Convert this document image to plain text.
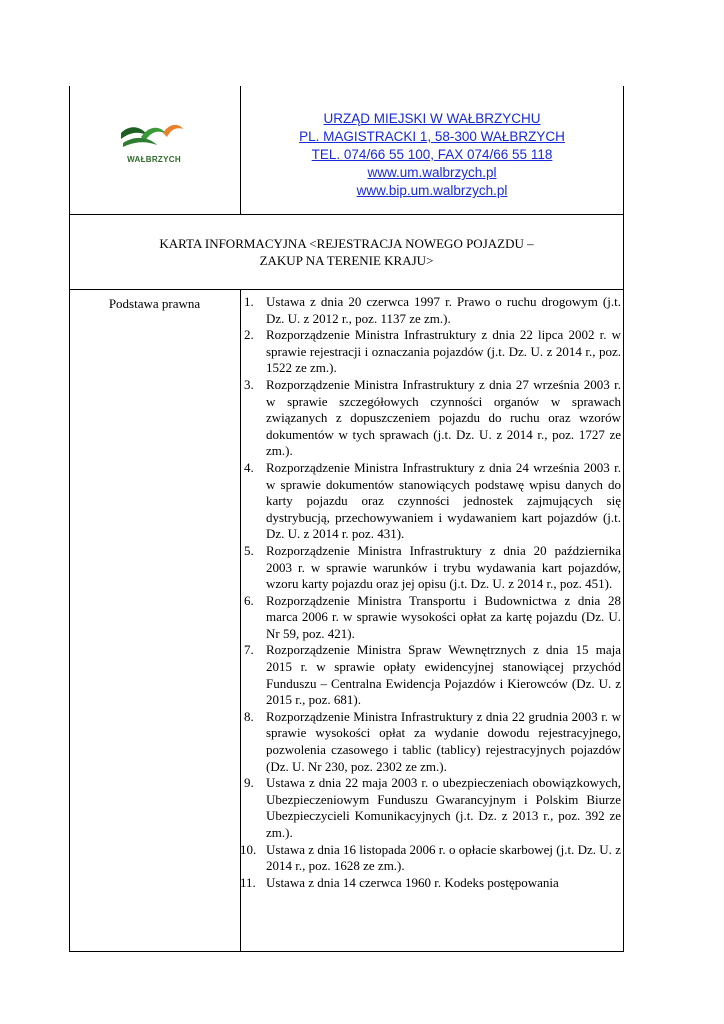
WAŁBRZYCH
URZĄD MIEJSKI W WAŁBRZYCHU
PL. MAGISTRACKI 1, 58-300 WAŁBRZYCH
TEL. 074/66 55 100, FAX 074/66 55 118
www.um.walbrzych.pl
www.bip.um.walbrzych.pl
KARTA INFORMACYJNA <REJESTRACJA NOWEGO POJAZDU –
ZAKUP NA TERENIE KRAJU>
Podstawa prawna	1. Ustawa z dnia 20 czerwca 1997 r. Prawo o ruchu drogowym (j.t. Dz. U. z 2012 r., poz. 1137 ze zm.).
2. Rozporządzenie Ministra Infrastruktury z dnia 22 lipca 2002 r. w sprawie rejestracji i oznaczania pojazdów (j.t. Dz. U. z 2014 r., poz. 1522 ze zm.).
3. Rozporządzenie Ministra Infrastruktury z dnia 27 września 2003 r. w sprawie szczegółowych czynności organów w sprawach związanych z dopuszczeniem pojazdu do ruchu oraz wzorów dokumentów w tych sprawach (j.t. Dz. U. z 2014 r., poz. 1727 ze zm.).
4. Rozporządzenie Ministra Infrastruktury z dnia 24 września 2003 r. w sprawie dokumentów stanowiących podstawę wpisu danych do karty pojazdu oraz czynności jednostek zajmujących się dystrybucją, przechowywaniem i wydawaniem kart pojazdów (j.t. Dz. U. z 2014 r. poz. 431).
5. Rozporządzenie Ministra Infrastruktury z dnia 20 października 2003 r. w sprawie warunków i trybu wydawania kart pojazdów, wzoru karty pojazdu oraz jej opisu (j.t. Dz. U. z 2014 r., poz. 451).
6. Rozporządzenie Ministra Transportu i Budownictwa z dnia 28 marca 2006 r. w sprawie wysokości opłat za kartę pojazdu (Dz. U. Nr 59, poz. 421).
7. Rozporządzenie Ministra Spraw Wewnętrznych z dnia 15 maja 2015 r. w sprawie opłaty ewidencyjnej stanowiącej przychód Funduszu – Centralna Ewidencja Pojazdów i Kierowców (Dz. U. z 2015 r., poz. 681).
8. Rozporządzenie Ministra Infrastruktury z dnia 22 grudnia 2003 r. w sprawie wysokości opłat za wydanie dowodu rejestracyjnego, pozwolenia czasowego i tablic (tablicy) rejestracyjnych pojazdów (Dz. U. Nr 230, poz. 2302 ze zm.).
9. Ustawa z dnia 22 maja 2003 r. o ubezpieczeniach obowiązkowych, Ubezpieczeniowym Funduszu Gwarancyjnym i Polskim Biurze Ubezpieczycieli Komunikacyjnych (j.t. Dz. z 2013 r., poz. 392 ze zm.).
10. Ustawa z dnia 16 listopada 2006 r. o opłacie skarbowej (j.t. Dz. U. z 2014 r., poz. 1628 ze zm.).
11. Ustawa z dnia 14 czerwca 1960 r. Kodeks postępowania
